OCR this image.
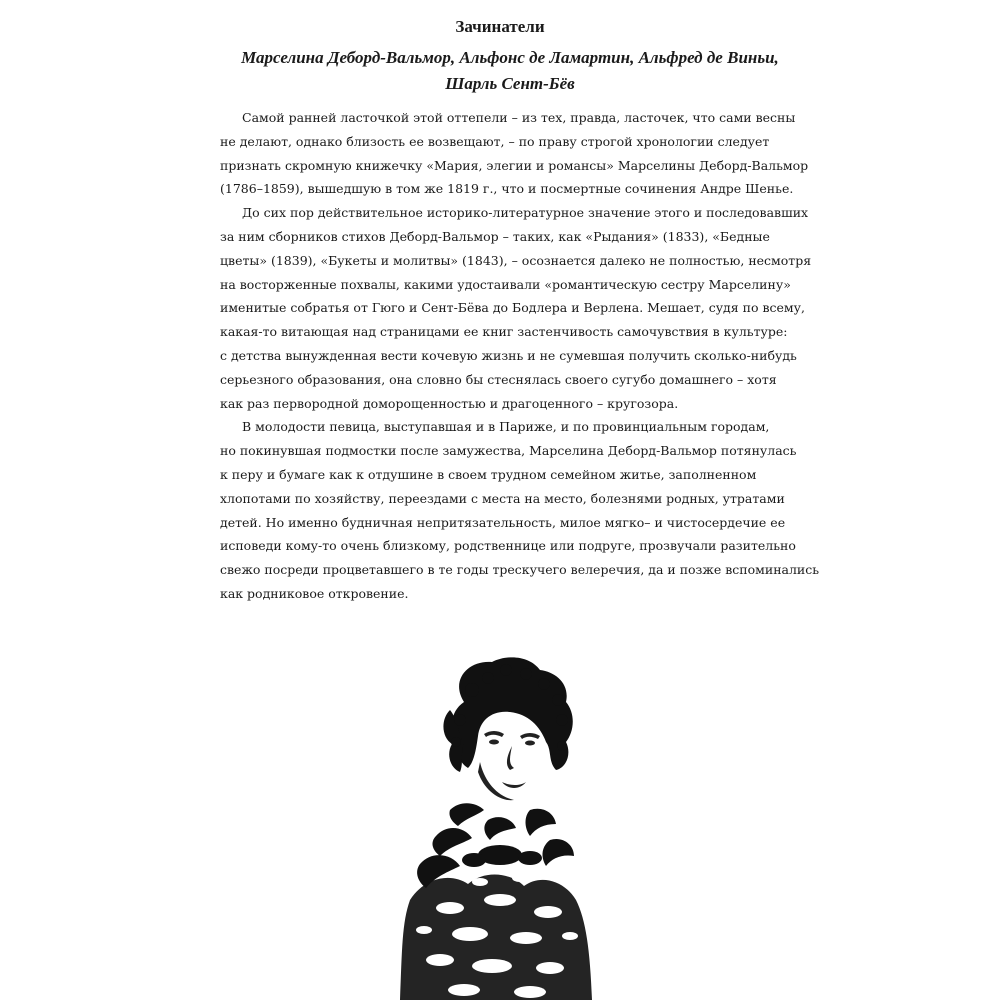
Зачинатели
Марселина Деборд-Вальмор, Альфонс де Ламартин, Альфред де Виньи, Шарль Сент-Бёв

Самой ранней ласточкой этой оттепели – из тех, правда, ласточек, что сами весны
не делают, однако близость ее возвещают, – по праву строгой хронологии следует
признать скромную книжечку «Мария, элегии и романсы» Марселины Деборд-Вальмор
(1786–1859), вышедшую в том же 1819 г., что и посмертные сочинения Андре Шенье.

До сих пор действительное историко-литературное значение этого и последовавших
за ним сборников стихов Деборд-Вальмор – таких, как «Рыдания» (1833), «Бедные
цветы» (1839), «Букеты и молитвы» (1843), – осознается далеко не полностью, несмотря
на восторженные похвалы, какими удостаивали «романтическую сестру Марселину»
именитые собратья от Гюго и Сент-Бёва до Бодлера и Верлена. Мешает, судя по всему,
какая-то витающая над страницами ее книг застенчивость самочувствия в культуре:
с детства вынужденная вести кочевую жизнь и не сумевшая получить сколько-нибудь
серьезного образования, она словно бы стеснялась своего сугубо домашнего – хотя
как раз первородной доморощенностью и драгоценного – кругозора.

В молодости певица, выступавшая и в Париже, и по провинциальным городам,
но покинувшая подмостки после замужества, Марселина Деборд-Вальмор потянулась
к перу и бумаге как к отдушине в своем трудном семейном житье, заполненном
хлопотами по хозяйству, переездами с места на место, болезнями родных, утратами
детей. Но именно будничная непритязательность, милое мягко– и чистосердечие ее
исповеди кому-то очень близкому, родственнице или подруге, прозвучали разительно
свежо посреди процветавшего в те годы трескучего велеречия, да и позже вспоминались
как родниковое откровение.
